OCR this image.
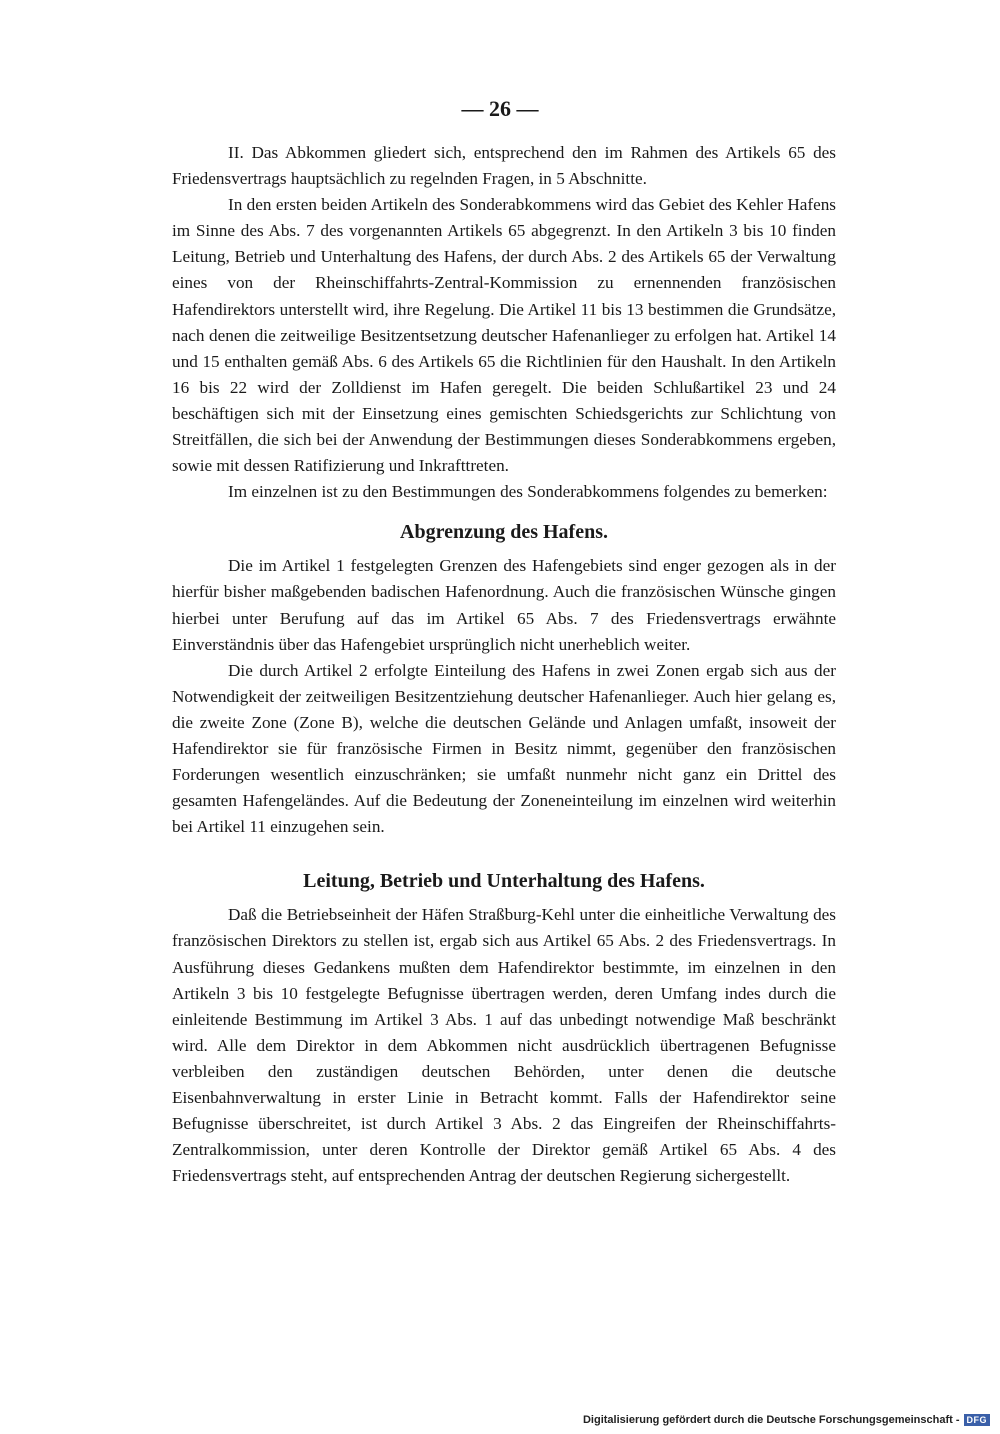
— 26 —

II. Das Abkommen gliedert sich, entsprechend den im Rahmen des Artikels 65 des Friedensvertrags hauptsächlich zu regelnden Fragen, in 5 Abschnitte.

In den ersten beiden Artikeln des Sonderabkommens wird das Gebiet des Kehler Hafens im Sinne des Abs. 7 des vorgenannten Artikels 65 abgegrenzt. In den Artikeln 3 bis 10 finden Leitung, Betrieb und Unterhaltung des Hafens, der durch Abs. 2 des Artikels 65 der Verwaltung eines von der Rheinschiffahrts-Zentral-Kommission zu ernennenden französischen Hafendirektors unterstellt wird, ihre Regelung. Die Artikel 11 bis 13 bestimmen die Grundsätze, nach denen die zeitweilige Besitzentsetzung deutscher Hafenanlieger zu erfolgen hat. Artikel 14 und 15 enthalten gemäß Abs. 6 des Artikels 65 die Richtlinien für den Haushalt. In den Artikeln 16 bis 22 wird der Zolldienst im Hafen geregelt. Die beiden Schlußartikel 23 und 24 beschäftigen sich mit der Einsetzung eines gemischten Schiedsgerichts zur Schlichtung von Streitfällen, die sich bei der Anwendung der Bestimmungen dieses Sonderabkommens ergeben, sowie mit dessen Ratifizierung und Inkrafttreten.

Im einzelnen ist zu den Bestimmungen des Sonderabkommens folgendes zu bemerken:

Abgrenzung des Hafens.

Die im Artikel 1 festgelegten Grenzen des Hafengebiets sind enger gezogen als in der hierfür bisher maßgebenden badischen Hafenordnung. Auch die französischen Wünsche gingen hierbei unter Berufung auf das im Artikel 65 Abs. 7 des Friedensvertrags erwähnte Einverständnis über das Hafengebiet ursprünglich nicht unerheblich weiter.

Die durch Artikel 2 erfolgte Einteilung des Hafens in zwei Zonen ergab sich aus der Notwendigkeit der zeitweiligen Besitzentziehung deutscher Hafenanlieger. Auch hier gelang es, die zweite Zone (Zone B), welche die deutschen Gelände und Anlagen umfaßt, insoweit der Hafendirektor sie für französische Firmen in Besitz nimmt, gegenüber den französischen Forderungen wesentlich einzuschränken; sie umfaßt nunmehr nicht ganz ein Drittel des gesamten Hafengeländes. Auf die Bedeutung der Zoneneinteilung im einzelnen wird weiterhin bei Artikel 11 einzugehen sein.

Leitung, Betrieb und Unterhaltung des Hafens.

Daß die Betriebseinheit der Häfen Straßburg-Kehl unter die einheitliche Verwaltung des französischen Direktors zu stellen ist, ergab sich aus Artikel 65 Abs. 2 des Friedensvertrags. In Ausführung dieses Gedankens mußten dem Hafendirektor bestimmte, im einzelnen in den Artikeln 3 bis 10 festgelegte Befugnisse übertragen werden, deren Umfang indes durch die einleitende Bestimmung im Artikel 3 Abs. 1 auf das unbedingt notwendige Maß beschränkt wird. Alle dem Direktor in dem Abkommen nicht ausdrücklich übertragenen Befugnisse verbleiben den zuständigen deutschen Behörden, unter denen die deutsche Eisenbahnverwaltung in erster Linie in Betracht kommt. Falls der Hafendirektor seine Befugnisse überschreitet, ist durch Artikel 3 Abs. 2 das Eingreifen der Rheinschiffahrts-Zentralkommission, unter deren Kontrolle der Direktor gemäß Artikel 65 Abs. 4 des Friedensvertrags steht, auf entsprechenden Antrag der deutschen Regierung sichergestellt.

Digitalisierung gefördert durch die Deutsche Forschungsgemeinschaft - DFG
